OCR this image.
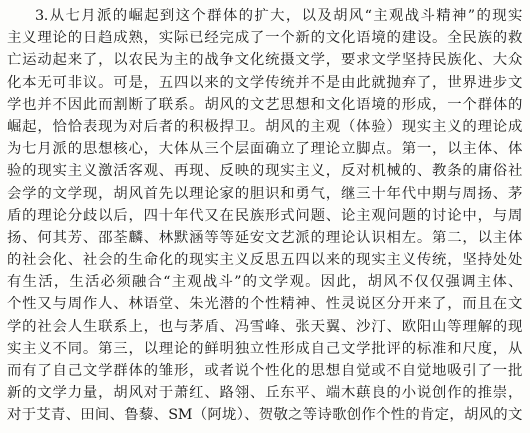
3.从七月派的崛起到这个群体的扩大，以及胡风“主观战斗精神”的现实
主义理论的日趋成熟，实际已经完成了一个新的文化语境的建设。全民族的救
亡运动起来了，以农民为主的战争文化统摄文学，要求文学坚持民族化、大众
化本无可非议。可是，五四以来的文学传统并不是由此就抛弃了，世界进步文
学也并不因此而割断了联系。胡风的文艺思想和文化语境的形成，一个群体的
崛起，恰恰表现为对后者的积极捍卫。胡风的主观（体验）现实主义的理论成
为七月派的思想核心，大体从三个层面确立了理论立脚点。第一，以主体、体
验的现实主义激活客观、再现、反映的现实主义，反对机械的、教条的庸俗社
会学的文学现，胡风首先以理论家的胆识和勇气，继三十年代中期与周扬、茅
盾的理论分歧以后，四十年代又在民族形式问题、论主观问题的讨论中，与周
扬、何其芳、邵荃麟、林默涵等等延安文艺派的理论认识相左。第二，以主体
的社会化、社会的生命化的现实主义反思五四以来的现实主义传统，坚持处处
有生活，生活必须融合“主观战斗”的文学观。因此，胡风不仅仅强调主体、
个性又与周作人、林语堂、朱光潜的个性精神、性灵说区分开来了，而且在文
学的社会人生联系上，也与茅盾、冯雪峰、张天翼、沙汀、欧阳山等理解的现
实主义不同。第三，以理论的鲜明独立性形成自己文学批评的标准和尺度，从
而有了自己文学群体的雏形，或者说个性化的思想自觉或不自觉地吸引了一批
新的文学力量，胡风对于萧红、路翎、丘东平、端木蕻良的小说创作的推崇，
对于艾青、田间、鲁藜、SM（阿垅）、贺敬之等诗歌创作个性的肯定，胡风的文
